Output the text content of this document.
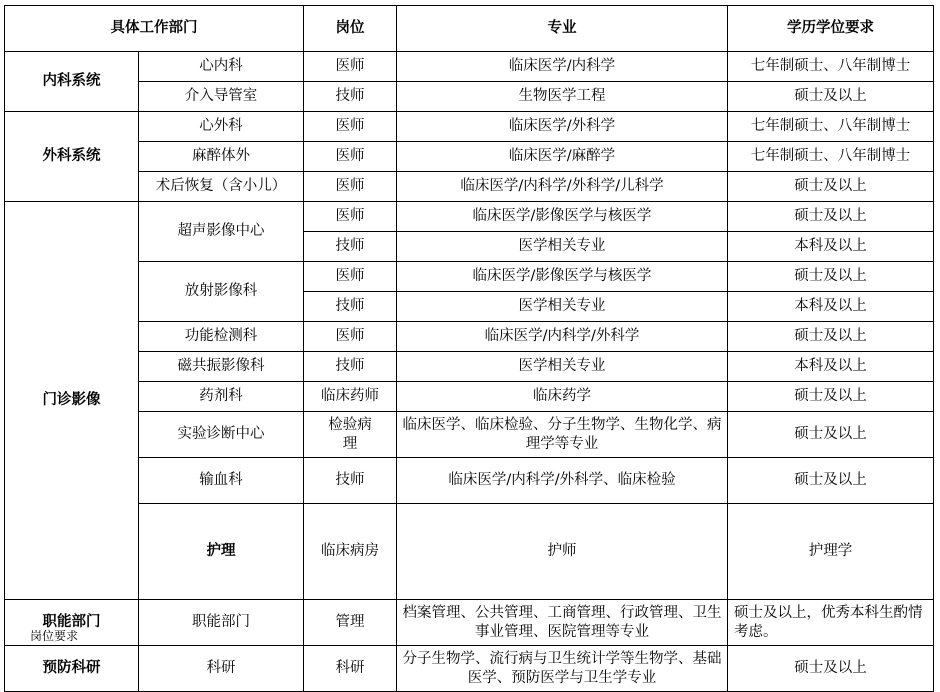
具体工作部门		岗位	专业	学历学位要求	
内科系统	心内科	医师	临床医学/内科学	七年制硕士、八年制博士	
	介入导管室	技师	生物医学工程	硕士及以上	
外科系统	心外科	医师	临床医学/外科学	七年制硕士、八年制博士	
	麻醉体外	医师	临床医学/麻醉学	七年制硕士、八年制博士	
	术后恢复（含小儿）	医师	临床医学/内科学/外科学/儿科学	硕士及以上	
门诊影像	超声影像中心	医师	临床医学/影像医学与核医学	硕士及以上	
		技师	医学相关专业	本科及以上	
	放射影像科	医师	临床医学/影像医学与核医学	硕士及以上	
		技师	医学相关专业	本科及以上	
	功能检测科	医师	临床医学/内科学/外科学	硕士及以上	
	磁共振影像科	技师	医学相关专业	本科及以上	
	药剂科	临床药师	临床药学	硕士及以上	
	实验诊断中心	检验病理	临床医学、临床检验、分子生物学、生物化学、病理学等专业	硕士及以上	
	输血科	技师	临床医学/内科学/外科学、临床检验	硕士及以上	
	护理	临床病房	护师	护理学	
职能部门	职能部门	管理	档案管理、公共管理、工商管理、行政管理、卫生事业管理、医院管理等专业	硕士及以上，优秀本科生酌情考虑。	
预防科研	科研	科研	分子生物学、流行病与卫生统计学等生物学、基础医学、预防医学与卫生学专业	硕士及以上	
岗位要求
